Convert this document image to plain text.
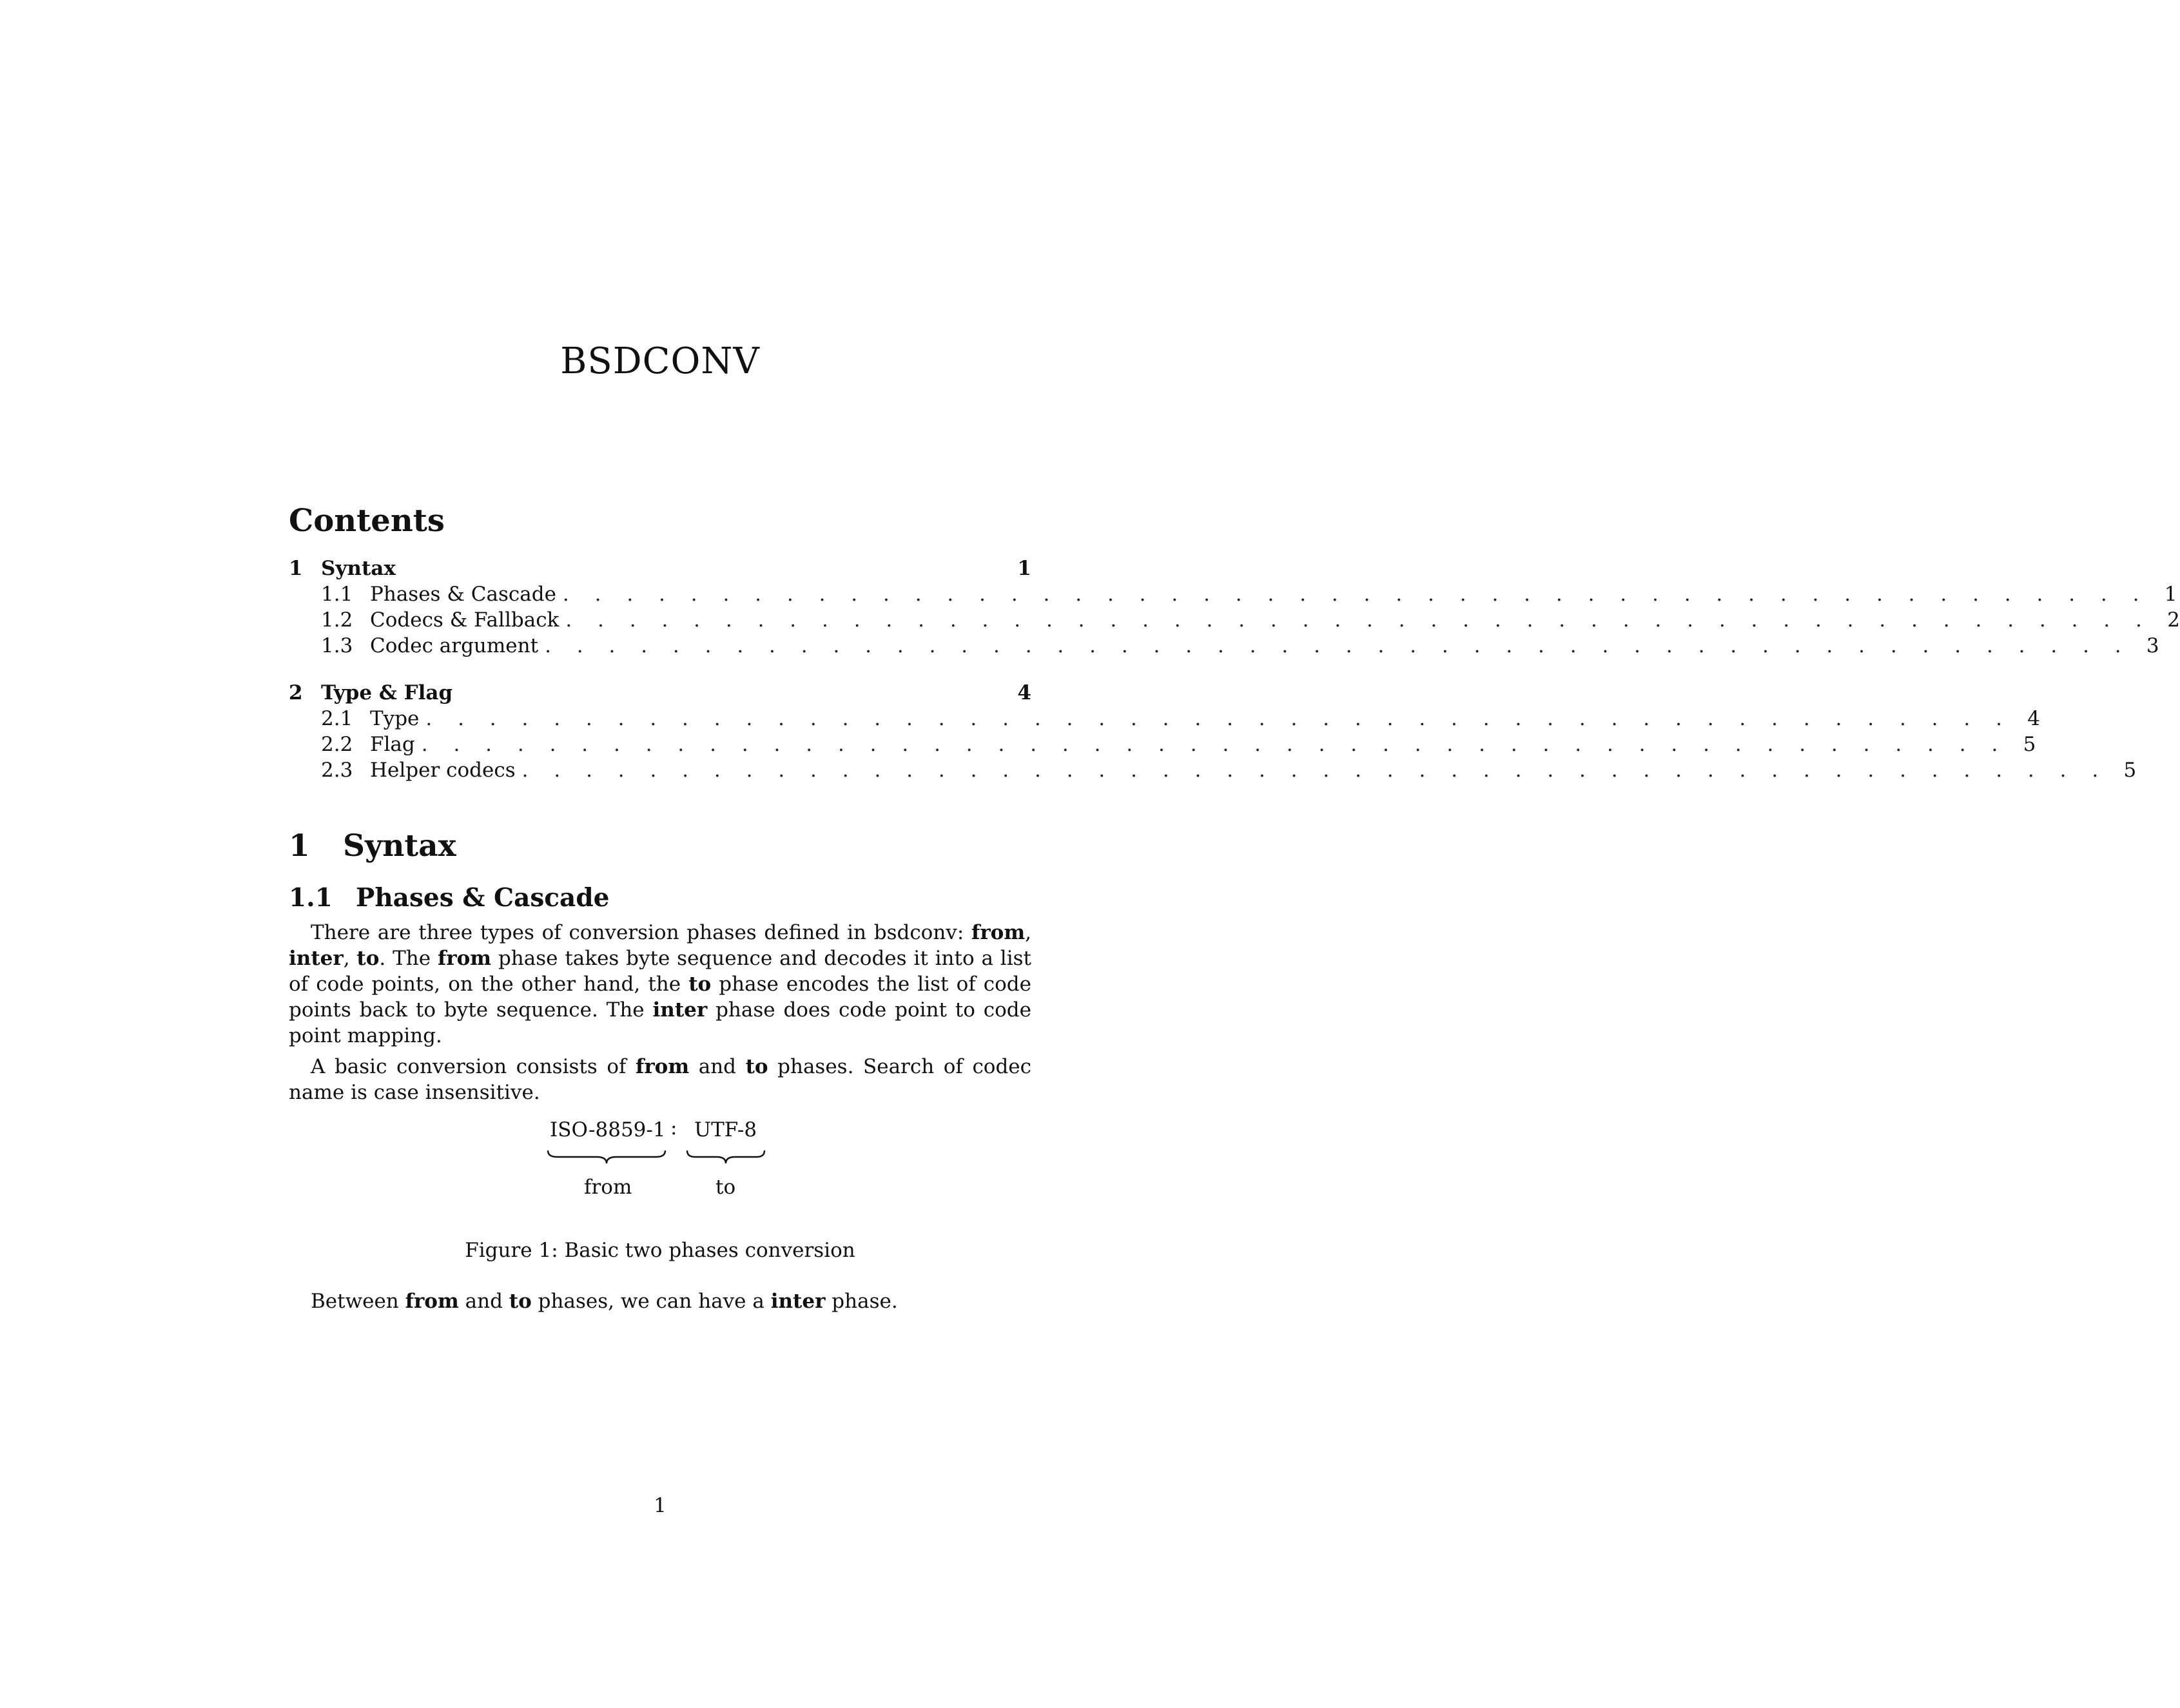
BSDCONV
Contents
1 Syntax	1
1.1 Phases & Cascade . . . . . . . . . . . . . . . . . . . . . . . . . . . . . . . . . . . . . . . . . . . . . . . . . . 1
1.2 Codecs & Fallback . . . . . . . . . . . . . . . . . . . . . . . . . . . . . . . . . . . . . . . . . . . . . . . . . . 2
1.3 Codec argument . . . . . . . . . . . . . . . . . . . . . . . . . . . . . . . . . . . . . . . . . . . . . . . . . . 3
2 Type & Flag	4
2.1 Type . . . . . . . . . . . . . . . . . . . . . . . . . . . . . . . . . . . . . . . . . . . . . . . . . . 4
2.2 Flag . . . . . . . . . . . . . . . . . . . . . . . . . . . . . . . . . . . . . . . . . . . . . . . . . . 5
2.3 Helper codecs . . . . . . . . . . . . . . . . . . . . . . . . . . . . . . . . . . . . . . . . . . . . . . . . . . 5
1 Syntax
1.1 Phases & Cascade

There are three types of conversion phases defined in bsdconv: from, inter, to. The from phase takes byte sequence and decodes it into a list of code points, on the other hand, the to phase encodes the list of code points back to byte sequence. The inter phase does code point to code point mapping.

A basic conversion consists of from and to phases. Search of codec name is case insensitive.

ISO-8859-1 : UTF-8
from	to
Figure 1: Basic two phases conversion

Between from and to phases, we can have a inter phase.

1
